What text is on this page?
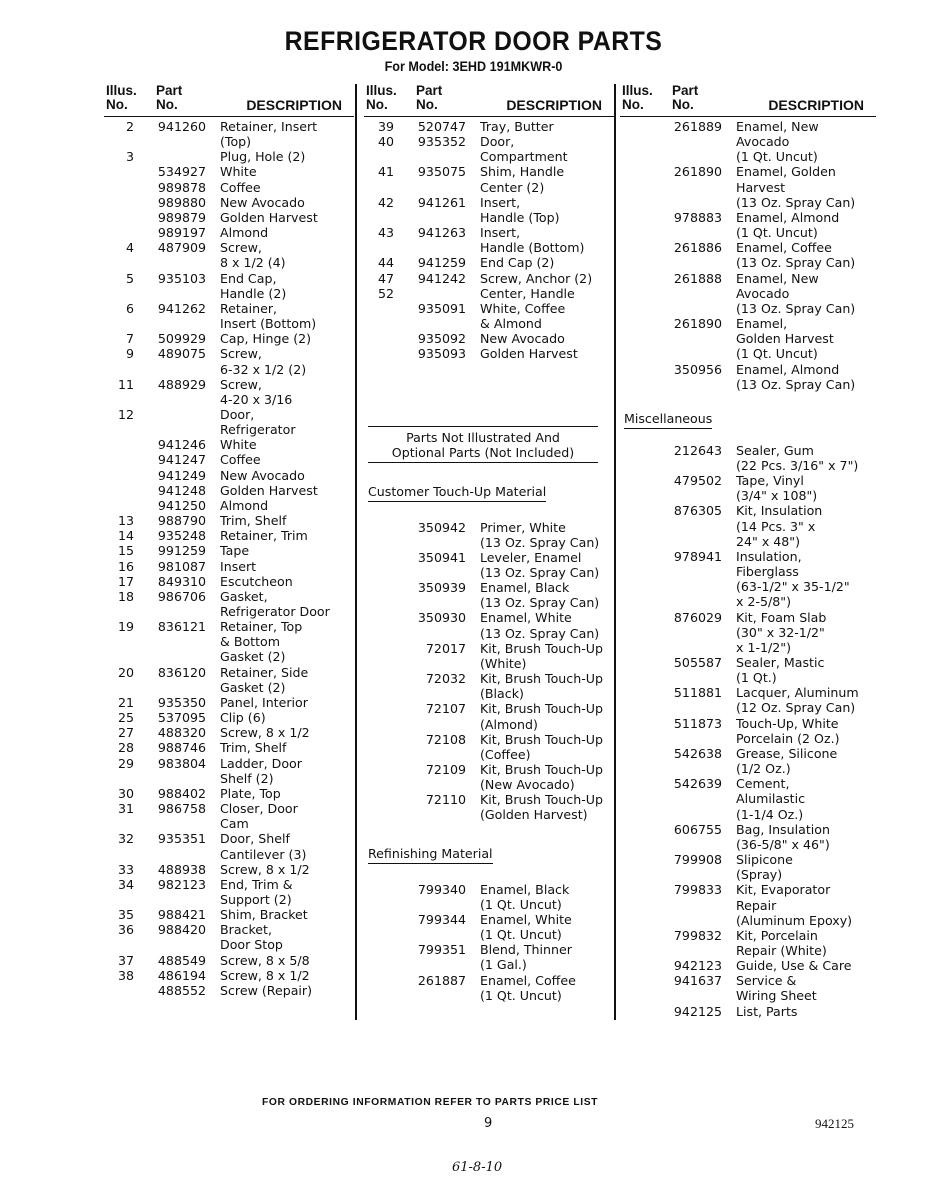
REFRIGERATOR DOOR PARTS
For Model: 3EHD 191MKWR-0
Illus.
No.
Part
No.	DESCRIPTION
2	941260 Retainer, Insert
(Top)
3	Plug, Hole (2)
534927 White
989878 Coffee
989880 New Avocado
989879 Golden Harvest
989197 Almond
4	487909 Screw,
8 x 1/2 (4)
5	935103 End Cap,
Handle (2)
6	941262 Retainer,
Insert (Bottom)
7	509929 Cap, Hinge (2)
9	489075 Screw,
6-32 x 1/2 (2)
11	488929 Screw,
4-20 x 3/16
12	Door,
Refrigerator
941246 White
941247 Coffee
941249 New Avocado
941248 Golden Harvest
941250 Almond
13	988790 Trim, Shelf
14	935248 Retainer, Trim
15	991259 Tape
16	981087 Insert
17	849310 Escutcheon
18	986706 Gasket,
Refrigerator Door
19	836121 Retainer, Top
& Bottom
Gasket (2)
20	836120 Retainer, Side
Gasket (2)
21	935350 Panel, Interior
25	537095 Clip (6)
27	488320 Screw, 8 x 1/2
28	988746 Trim, Shelf
29	983804 Ladder, Door
Shelf (2)
30	988402 Plate, Top
31	986758 Closer, Door
Cam
32	935351 Door, Shelf
Cantilever (3)
33	488938 Screw, 8 x 1/2
34	982123 End, Trim &
Support (2)
35	988421 Shim, Bracket
36	988420 Bracket,
Door Stop
37	488549 Screw, 8 x 5/8
38	486194 Screw, 8 x 1/2
488552 Screw (Repair)
Illus.
No.
Part
No.	DESCRIPTION
39	520747 Tray, Butter
40	935352 Door,
Compartment
41	935075 Shim, Handle
Center (2)
42	941261 Insert,
Handle (Top)
43	941263 Insert,
Handle (Bottom)
44	941259 End Cap (2)
47	941242 Screw, Anchor (2)
52	Center, Handle
935091 White, Coffee
& Almond
935092 New Avocado
935093 Golden Harvest
Parts Not Illustrated And
Optional Parts (Not Included)
Customer Touch-Up Material
350942 Primer, White
(13 Oz. Spray Can)
350941 Leveler, Enamel
(13 Oz. Spray Can)
350939 Enamel, Black
(13 Oz. Spray Can)
350930 Enamel, White
(13 Oz. Spray Can)
72017 Kit, Brush Touch-Up
(White)
72032 Kit, Brush Touch-Up
(Black)
72107 Kit, Brush Touch-Up
(Almond)
72108 Kit, Brush Touch-Up
(Coffee)
72109 Kit, Brush Touch-Up
(New Avocado)
72110 Kit, Brush Touch-Up
(Golden Harvest)
Refinishing Material
799340 Enamel, Black
(1 Qt. Uncut)
799344 Enamel, White
(1 Qt. Uncut)
799351 Blend, Thinner
(1 Gal.)
261887 Enamel, Coffee
(1 Qt. Uncut)
Illus.
No.
Part
No.	DESCRIPTION
261889 Enamel, New
Avocado
(1 Qt. Uncut)
261890 Enamel, Golden
Harvest
(13 Oz. Spray Can)
978883 Enamel, Almond
(1 Qt. Uncut)
261886 Enamel, Coffee
(13 Oz. Spray Can)
261888 Enamel, New
Avocado
(13 Oz. Spray Can)
261890 Enamel,
Golden Harvest
(1 Qt. Uncut)
350956 Enamel, Almond
(13 Oz. Spray Can)
Miscellaneous
212643 Sealer, Gum
(22 Pcs. 3/16" x 7")
479502 Tape, Vinyl
(3/4" x 108")
876305 Kit, Insulation
(14 Pcs. 3" x
24" x 48")
978941 Insulation,
Fiberglass
(63-1/2" x 35-1/2"
x 2-5/8")
876029 Kit, Foam Slab
(30" x 32-1/2"
x 1-1/2")
505587 Sealer, Mastic
(1 Qt.)
511881 Lacquer, Aluminum
(12 Oz. Spray Can)
511873 Touch-Up, White
Porcelain (2 Oz.)
542638 Grease, Silicone
(1/2 Oz.)
542639 Cement,
Alumilastic
(1-1/4 Oz.)
606755 Bag, Insulation
(36-5/8" x 46")
799908 Slipicone
(Spray)
799833 Kit, Evaporator
Repair
(Aluminum Epoxy)
799832 Kit, Porcelain
Repair (White)
942123 Guide, Use & Care
941637 Service &
Wiring Sheet
942125 List, Parts
FOR ORDERING INFORMATION REFER TO PARTS PRICE LIST
9	942125
61-8-10
